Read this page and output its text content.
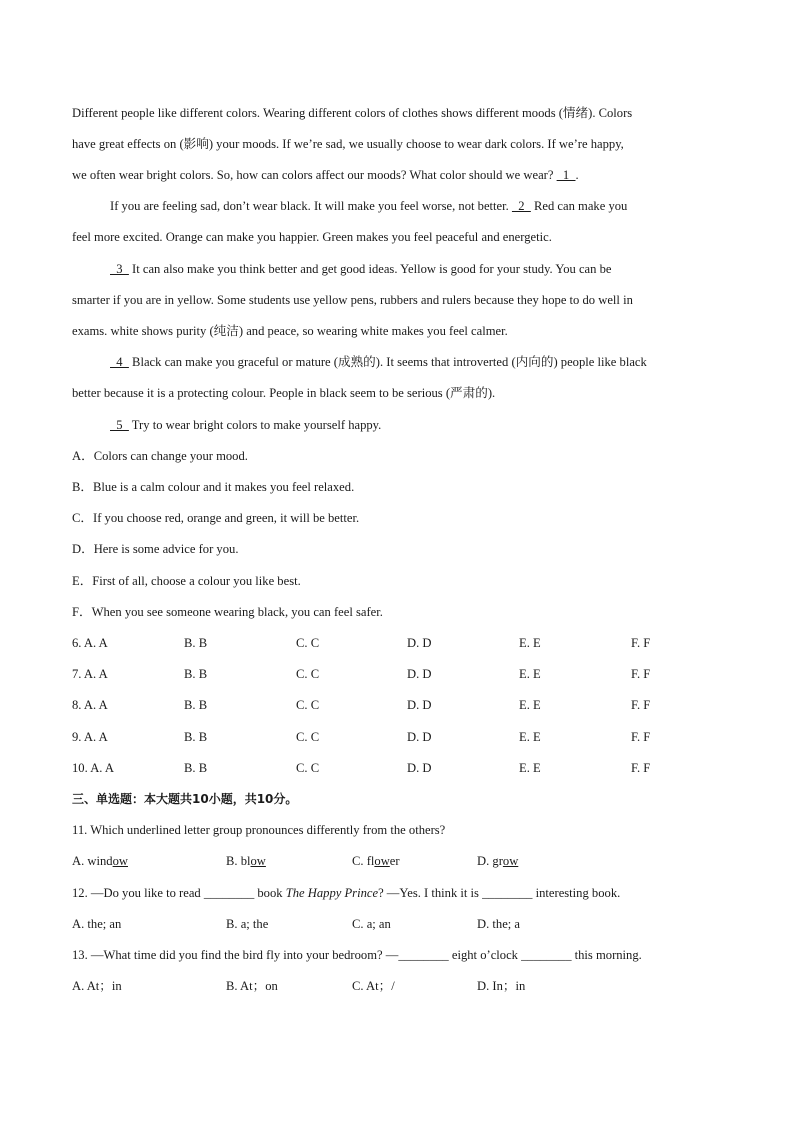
Different people like different colors. Wearing different colors of clothes shows different moods (情绪). Colors
have great effects on (影响) your moods. If we’re sad, we usually choose to wear dark colors. If we’re happy,
we often wear bright colors. So, how can colors affect our moods? What color should we wear?   1  .
If you are feeling sad, don’t wear black. It will make you feel worse, not better.   2   Red can make you
feel more excited. Orange can make you happier. Green makes you feel peaceful and energetic.
3   It can also make you think better and get good ideas. Yellow is good for your study. You can be
smarter if you are in yellow. Some students use yellow pens, rubbers and rulers because they hope to do well in
exams. white shows purity (纯洁) and peace, so wearing white makes you feel calmer.
4   Black can make you graceful or mature (成熟的). It seems that introverted (内向的) people like black
better because it is a protecting colour. People in black seem to be serious (严肃的).
5   Try to wear bright colors to make yourself happy.
A．Colors can change your mood.
B．Blue is a calm colour and it makes you feel relaxed.
C．If you choose red, orange and green, it will be better.
D．Here is some advice for you.
E．First of all, choose a colour you like best.
F．When you see someone wearing black, you can feel safer.
6. A. A	B. B	C. C	D. D	E. E	F. F
7. A. A	B. B	C. C	D. D	E. E	F. F
8. A. A	B. B	C. C	D. D	E. E	F. F
9. A. A	B. B	C. C	D. D	E. E	F. F
10. A. A	B. B	C. C	D. D	E. E	F. F
三、单选题：本大题共10小题，共10分。
11. Which underlined letter group pronounces differently from the others?
A. window	B. blow	C. flower	D. grow
12. —Do you like to read ________ book The Happy Prince? —Yes. I think it is ________ interesting book.
A. the; an	B. a; the	C. a; an	D. the; a
13. —What time did you find the bird fly into your bedroom? —________ eight o’clock ________ this morning.
A. At；in	B. At；on	C. At；/	D. In；in
